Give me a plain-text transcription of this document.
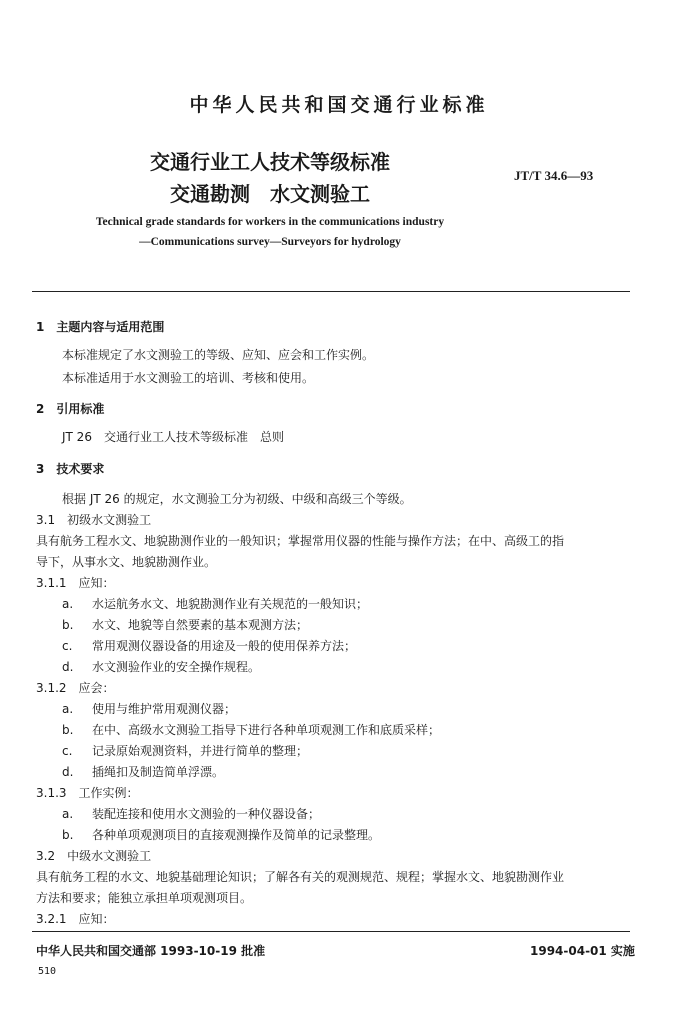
中华人民共和国交通行业标准
交通行业工人技术等级标准
交通勘测　水文测验工
JT/T 34.6—93
Technical grade standards for workers in the communications industry
—Communications survey—Surveyors for hydrology
1　主题内容与适用范围
本标准规定了水文测验工的等级、应知、应会和工作实例。
本标准适用于水文测验工的培训、考核和使用。
2　引用标准
JT 26　交通行业工人技术等级标准　总则
3　技术要求
根据 JT 26 的规定，水文测验工分为初级、中级和高级三个等级。
3.1　初级水文测验工
具有航务工程水文、地貌勘测作业的一般知识；掌握常用仪器的性能与操作方法；在中、高级工的指
导下，从事水文、地貌勘测作业。
3.1.1　应知：
a. 水运航务水文、地貌勘测作业有关规范的一般知识；
b. 水文、地貌等自然要素的基本观测方法；
c. 常用观测仪器设备的用途及一般的使用保养方法；
d. 水文测验作业的安全操作规程。
3.1.2　应会：
a. 使用与维护常用观测仪器；
b. 在中、高级水文测验工指导下进行各种单项观测工作和底质采样；
c. 记录原始观测资料，并进行简单的整理；
d. 插绳扣及制造简单浮漂。
3.1.3　工作实例：
a. 装配连接和使用水文测验的一种仪器设备；
b. 各种单项观测项目的直接观测操作及简单的记录整理。
3.2　中级水文测验工
具有航务工程的水文、地貌基础理论知识；了解各有关的观测规范、规程；掌握水文、地貌勘测作业
方法和要求；能独立承担单项观测项目。
3.2.1　应知：
中华人民共和国交通部 1993-10-19 批准	1994-04-01 实施
510
